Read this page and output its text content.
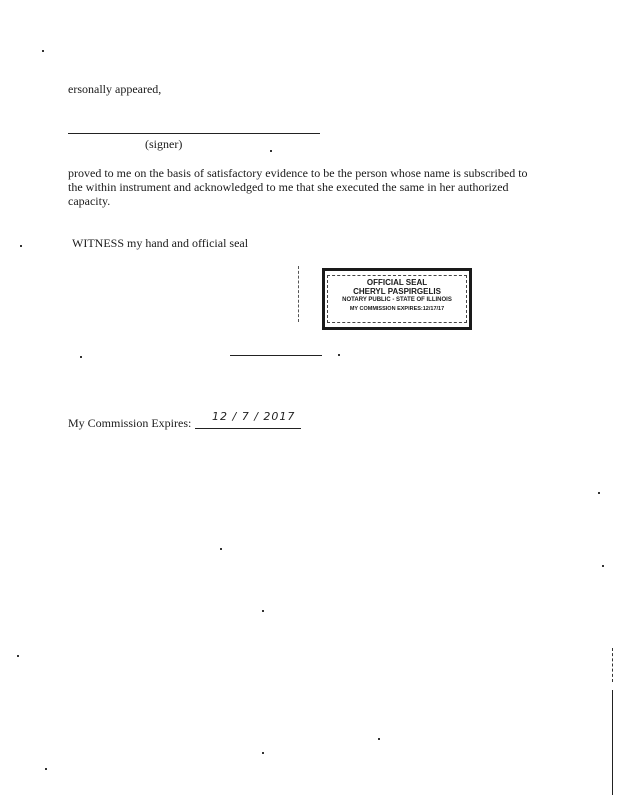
ersonally appeared,
(signer)
proved to me on the basis of satisfactory evidence to be the person whose name is subscribed to
the within instrument and acknowledged to me that she executed the same in her authorized
capacity.
WITNESS my hand and official seal
OFFICIAL SEAL
CHERYL PASPIRGELIS
NOTARY PUBLIC - STATE OF ILLINOIS
MY COMMISSION EXPIRES:12/17/17
My Commission Expires: 12 / 7 / 2017
